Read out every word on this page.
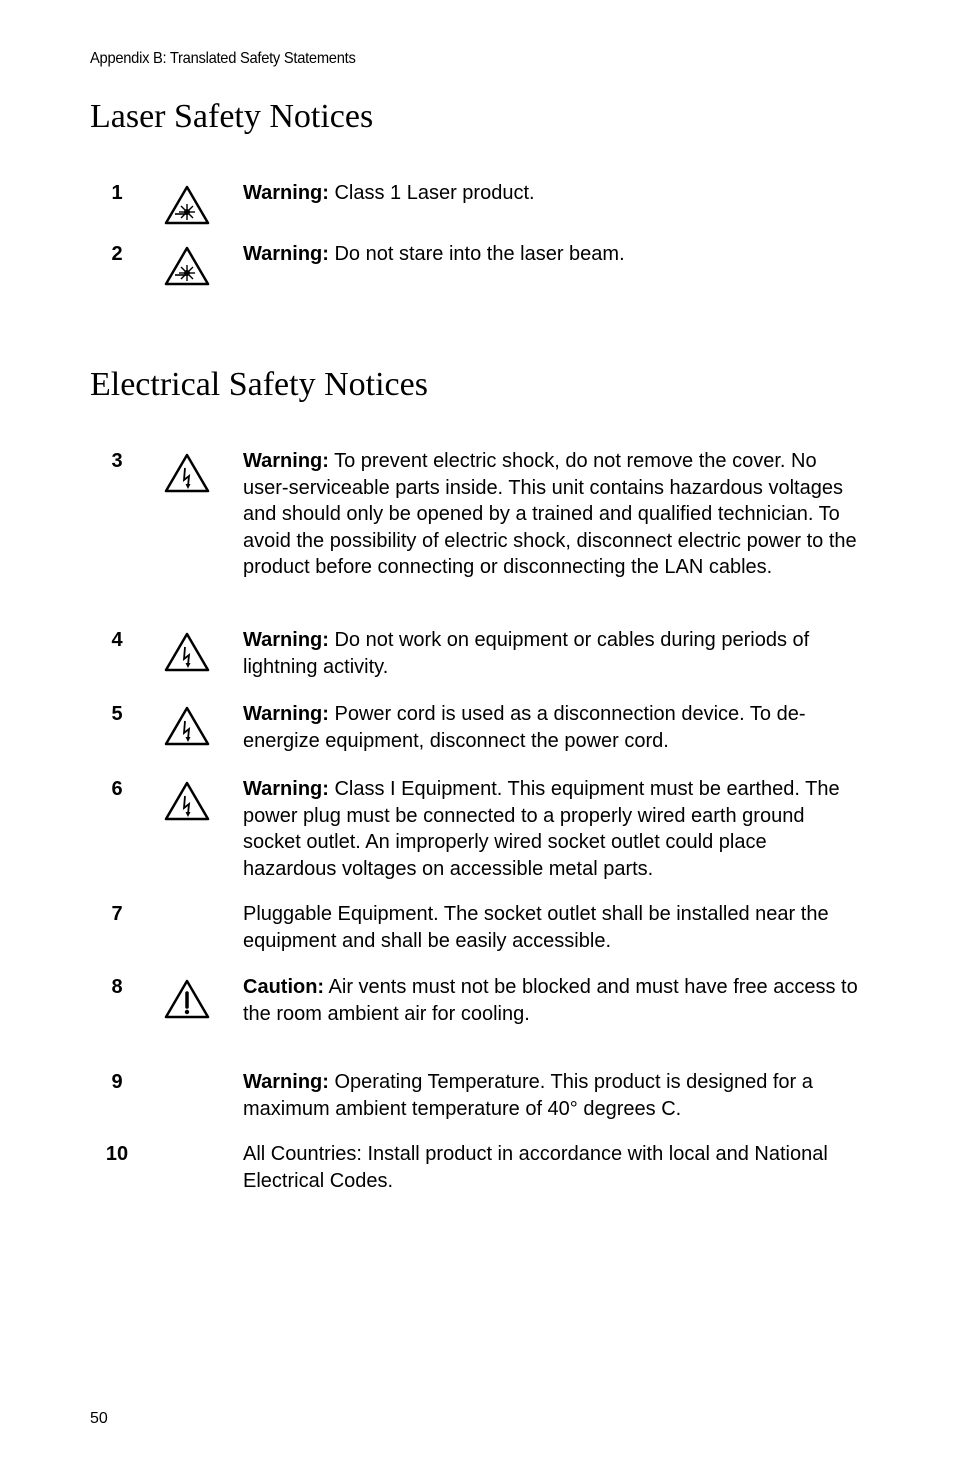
Appendix B: Translated Safety Statements
Laser Safety Notices
1	Warning: Class 1 Laser product.
2	Warning: Do not stare into the laser beam.
Electrical Safety Notices
3	Warning: To prevent electric shock, do not remove the cover. No user-serviceable parts inside. This unit contains hazardous voltages and should only be opened by a trained and qualified technician. To avoid the possibility of electric shock, disconnect electric power to the product before connecting or disconnecting the LAN cables.
4	Warning: Do not work on equipment or cables during periods of lightning activity.
5	Warning: Power cord is used as a disconnection device. To de-energize equipment, disconnect the power cord.
6	Warning: Class I Equipment. This equipment must be earthed. The power plug must be connected to a properly wired earth ground socket outlet. An improperly wired socket outlet could place hazardous voltages on accessible metal parts.
7	Pluggable Equipment. The socket outlet shall be installed near the equipment and shall be easily accessible.
8	Caution: Air vents must not be blocked and must have free access to the room ambient air for cooling.
9	Warning: Operating Temperature. This product is designed for a maximum ambient temperature of 40° degrees C.
10	All Countries: Install product in accordance with local and National Electrical Codes.
50
